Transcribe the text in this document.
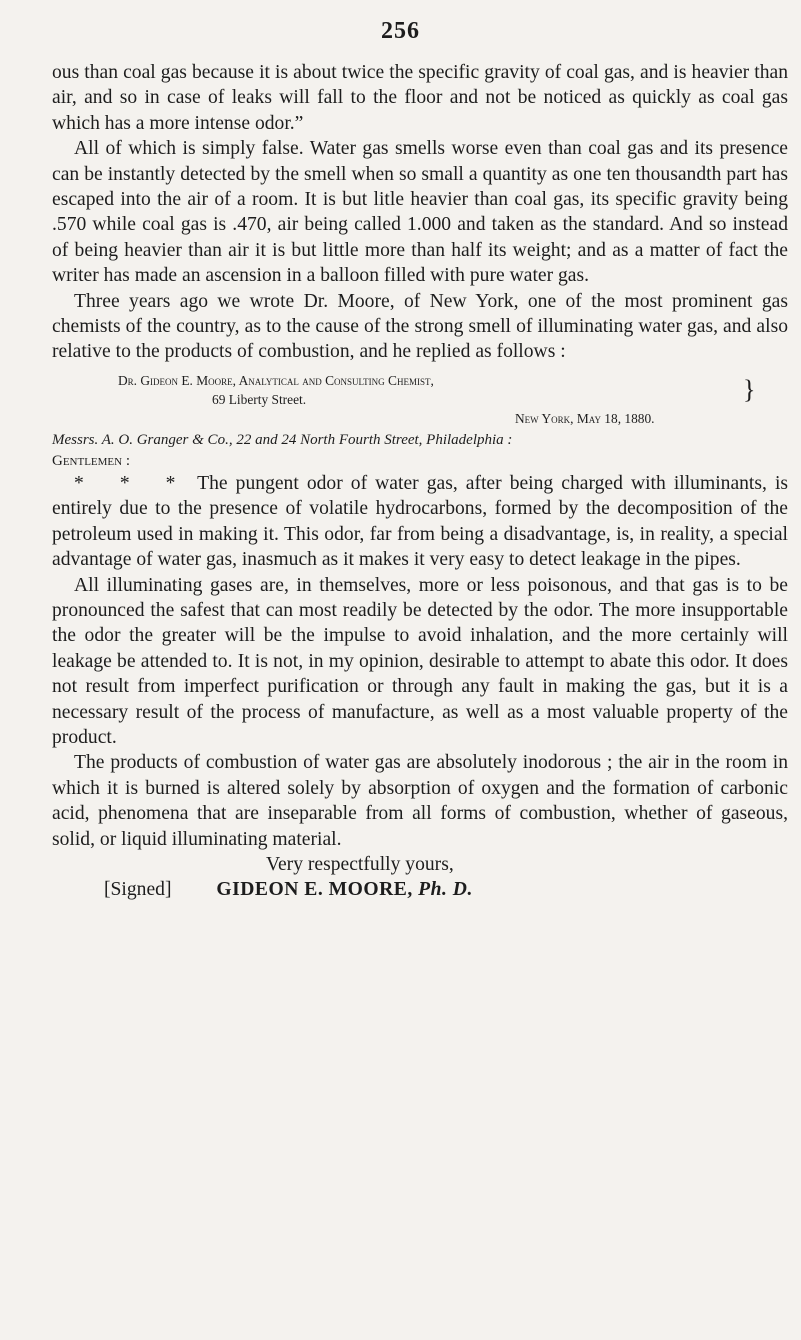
256

ous than coal gas because it is about twice the specific gravity of coal gas, and is heavier than air, and so in case of leaks will fall to the floor and not be noticed as quickly as coal gas which has a more intense odor.”

All of which is simply false. Water gas smells worse even than coal gas and its presence can be instantly detected by the smell when so small a quantity as one ten thousandth part has escaped into the air of a room. It is but litle heavier than coal gas, its specific gravity being .570 while coal gas is .470, air being called 1.000 and taken as the standard. And so instead of being heavier than air it is but little more than half its weight; and as a matter of fact the writer has made an ascension in a balloon filled with pure water gas.

Three years ago we wrote Dr. Moore, of New York, one of the most prominent gas chemists of the country, as to the cause of the strong smell of illuminating water gas, and also relative to the products of combustion, and he replied as follows :

Dr. Gideon E. Moore, Analytical and Consulting Chemist,
69 Liberty Street.
New York, May 18, 1880.
}
Messrs. A. O. Granger & Co., 22 and 24 North Fourth Street, Philadelphia :
Gentlemen :

* * * The pungent odor of water gas, after being charged with illuminants, is entirely due to the presence of volatile hydrocarbons, formed by the decomposition of the petroleum used in making it. This odor, far from being a disadvantage, is, in reality, a special advantage of water gas, inasmuch as it makes it very easy to detect leakage in the pipes.

All illuminating gases are, in themselves, more or less poisonous, and that gas is to be pronounced the safest that can most readily be detected by the odor. The more insupportable the odor the greater will be the impulse to avoid inhalation, and the more certainly will leakage be attended to. It is not, in my opinion, desirable to attempt to abate this odor. It does not result from imperfect purification or through any fault in making the gas, but it is a necessary result of the process of manufacture, as well as a most valuable property of the product.

The products of combustion of water gas are absolutely inodorous ; the air in the room in which it is burned is altered solely by absorption of oxygen and the formation of carbonic acid, phenomena that are inseparable from all forms of combustion, whether of gaseous, solid, or liquid illuminating material.

Very respectfully yours,
[Signed] GIDEON E. MOORE, Ph. D.
